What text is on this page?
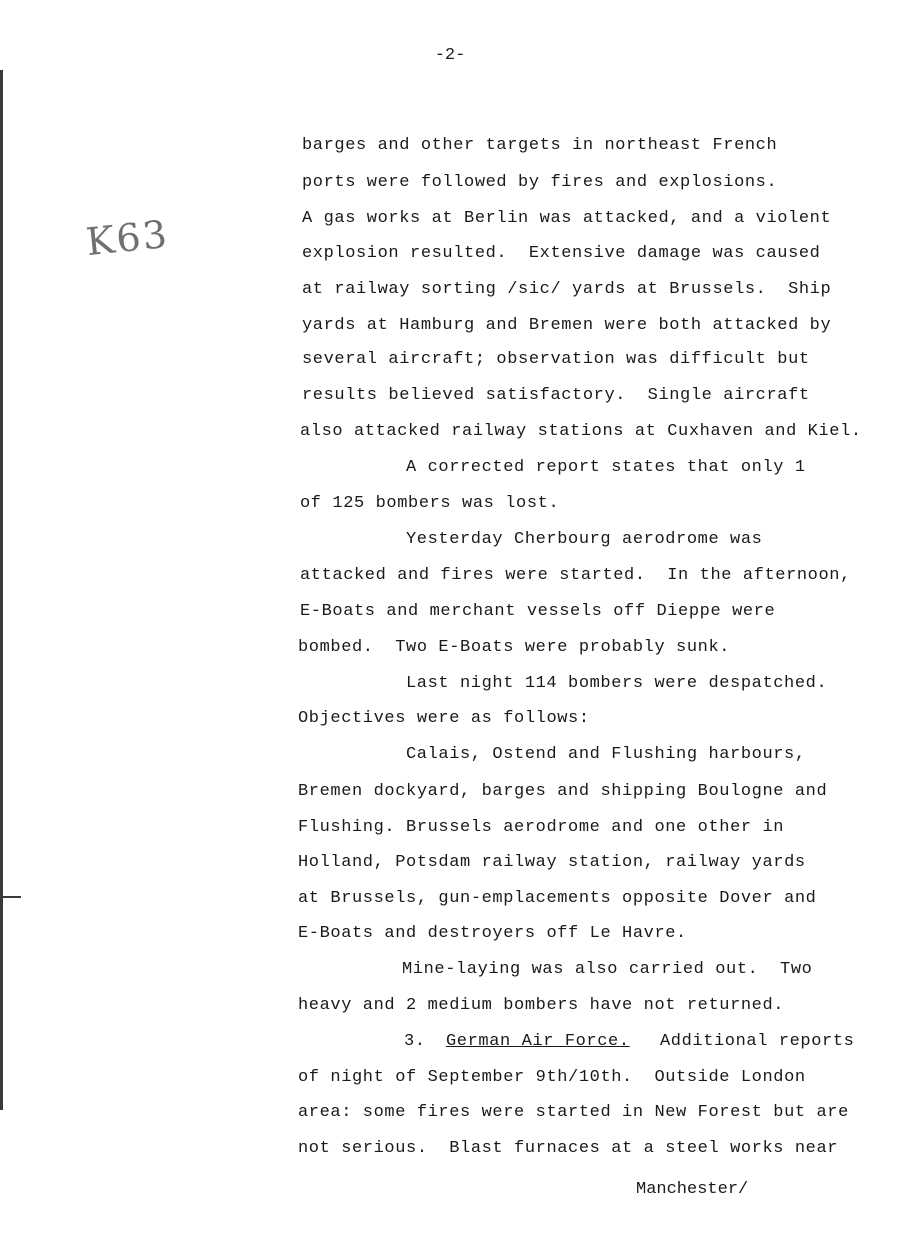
-2-
K63
barges and other targets in northeast French
ports were followed by fires and explosions.
A gas works at Berlin was attacked, and a violent
explosion resulted.  Extensive damage was caused
at railway sorting /sic/ yards at Brussels.  Ship
yards at Hamburg and Bremen were both attacked by
several aircraft; observation was difficult but
results believed satisfactory.  Single aircraft
also attacked railway stations at Cuxhaven and Kiel.
A corrected report states that only 1
of 125 bombers was lost.
Yesterday Cherbourg aerodrome was
attacked and fires were started.  In the afternoon,
E-Boats and merchant vessels off Dieppe were
bombed.  Two E-Boats were probably sunk.
Last night 114 bombers were despatched.
Objectives were as follows:
Calais, Ostend and Flushing harbours,
Bremen dockyard, barges and shipping Boulogne and
Flushing. Brussels aerodrome and one other in
Holland, Potsdam railway station, railway yards
at Brussels, gun-emplacements opposite Dover and
E-Boats and destroyers off Le Havre.
Mine-laying was also carried out.  Two
heavy and 2 medium bombers have not returned.
3. German Air Force. Additional reports
of night of September 9th/10th.  Outside London
area: some fires were started in New Forest but are
not serious.  Blast furnaces at a steel works near
Manchester/
